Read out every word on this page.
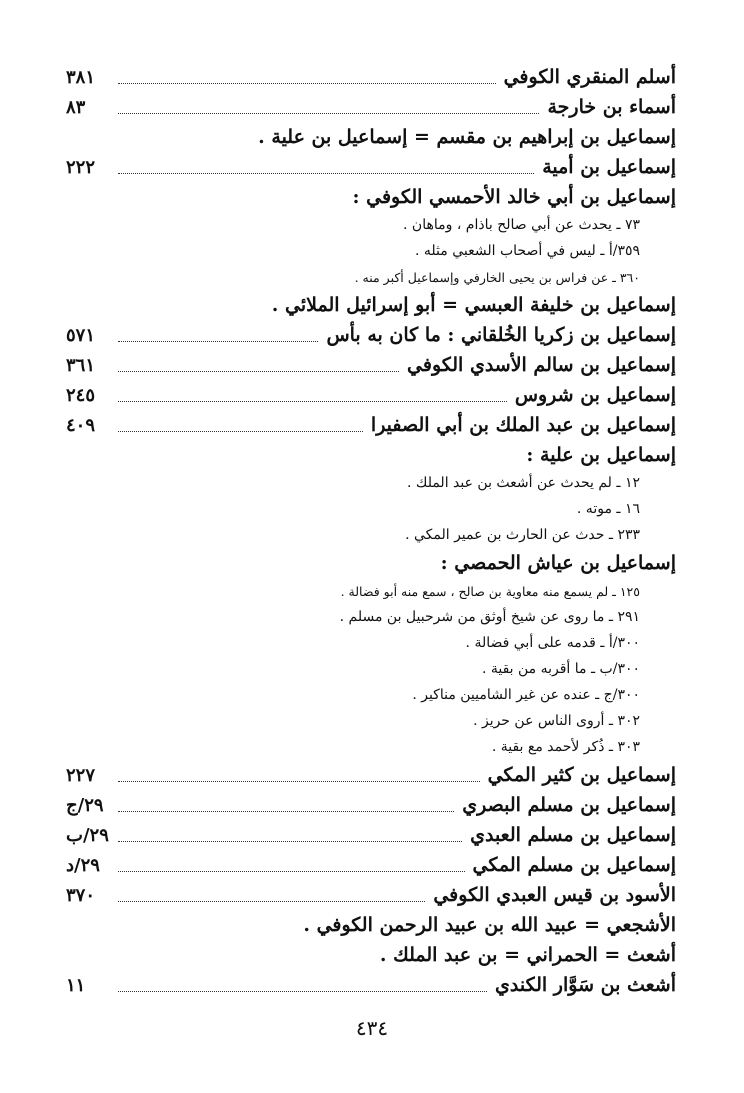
أسلم المنقري الكوفي
٣٨١
أسماء بن خارجة
٨٣
إسماعيل بن إبراهيم بن مقسم = إسماعيل بن علية .
إسماعيل بن أمية
٢٢٢
إسماعيل بن أبي خالد الأحمسي الكوفي :
٧٣ ـ يحدث عن أبي صالح باذام ، وماهان .
٣٥٩/أ ـ ليس في أصحاب الشعبي مثله .
٣٦٠ ـ عن فراس بن يحيى الخارفي وإسماعيل أكبر منه .
إسماعيل بن خليفة العبسي = أبو إسرائيل الملائي .
إسماعيل بن زكريا الخُلقاني : ما كان به بأس
٥٧١
إسماعيل بن سالم الأسدي الكوفي
٣٦١
إسماعيل بن شروس
٢٤٥
إسماعيل بن عبد الملك بن أبي الصفيرا
٤٠٩
إسماعيل بن علية :
١٢ ـ لم يحدث عن أشعث بن عبد الملك .
١٦ ـ موته .
٢٣٣ ـ حدث عن الحارث بن عمير المكي .
إسماعيل بن عياش الحمصي :
١٢٥ ـ لم يسمع منه معاوية بن صالح ، سمع منه أبو فضالة .
٢٩١ ـ ما روى عن شيخ أوثق من شرحبيل بن مسلم .
٣٠٠/أ ـ قدمه على أبي فضالة .
٣٠٠/ب ـ ما أقربه من بقية .
٣٠٠/ج ـ عنده عن غير الشاميين مناكير .
٣٠٢ ـ أروى الناس عن حريز .
٣٠٣ ـ ذُكر لأحمد مع بقية .
إسماعيل بن كثير المكي
٢٢٧
إسماعيل بن مسلم البصري
٢٩/ج
إسماعيل بن مسلم العبدي
٢٩/ب
إسماعيل بن مسلم المكي
٢٩/د
الأسود بن قيس العبدي الكوفي
٣٧٠
الأشجعي = عبيد الله بن عبيد الرحمن الكوفي .
أشعث = الحمراني = بن عبد الملك .
أشعث بن سَوَّار الكندي
١١
٤٣٤
